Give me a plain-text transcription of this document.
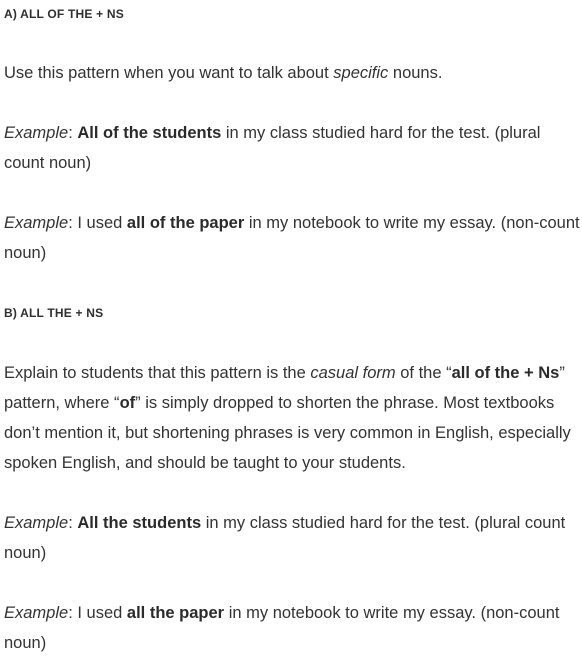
A) ALL OF THE + NS

Use this pattern when you want to talk about specific nouns.

Example: All of the students in my class studied hard for the test. (plural count noun)

Example: I used all of the paper in my notebook to write my essay. (non-count noun)

B) ALL THE + NS

Explain to students that this pattern is the casual form of the “all of the + Ns” pattern, where “of” is simply dropped to shorten the phrase. Most textbooks don’t mention it, but shortening phrases is very common in English, especially spoken English, and should be taught to your students.

Example: All the students in my class studied hard for the test. (plural count noun)

Example: I used all the paper in my notebook to write my essay. (non-count noun)
